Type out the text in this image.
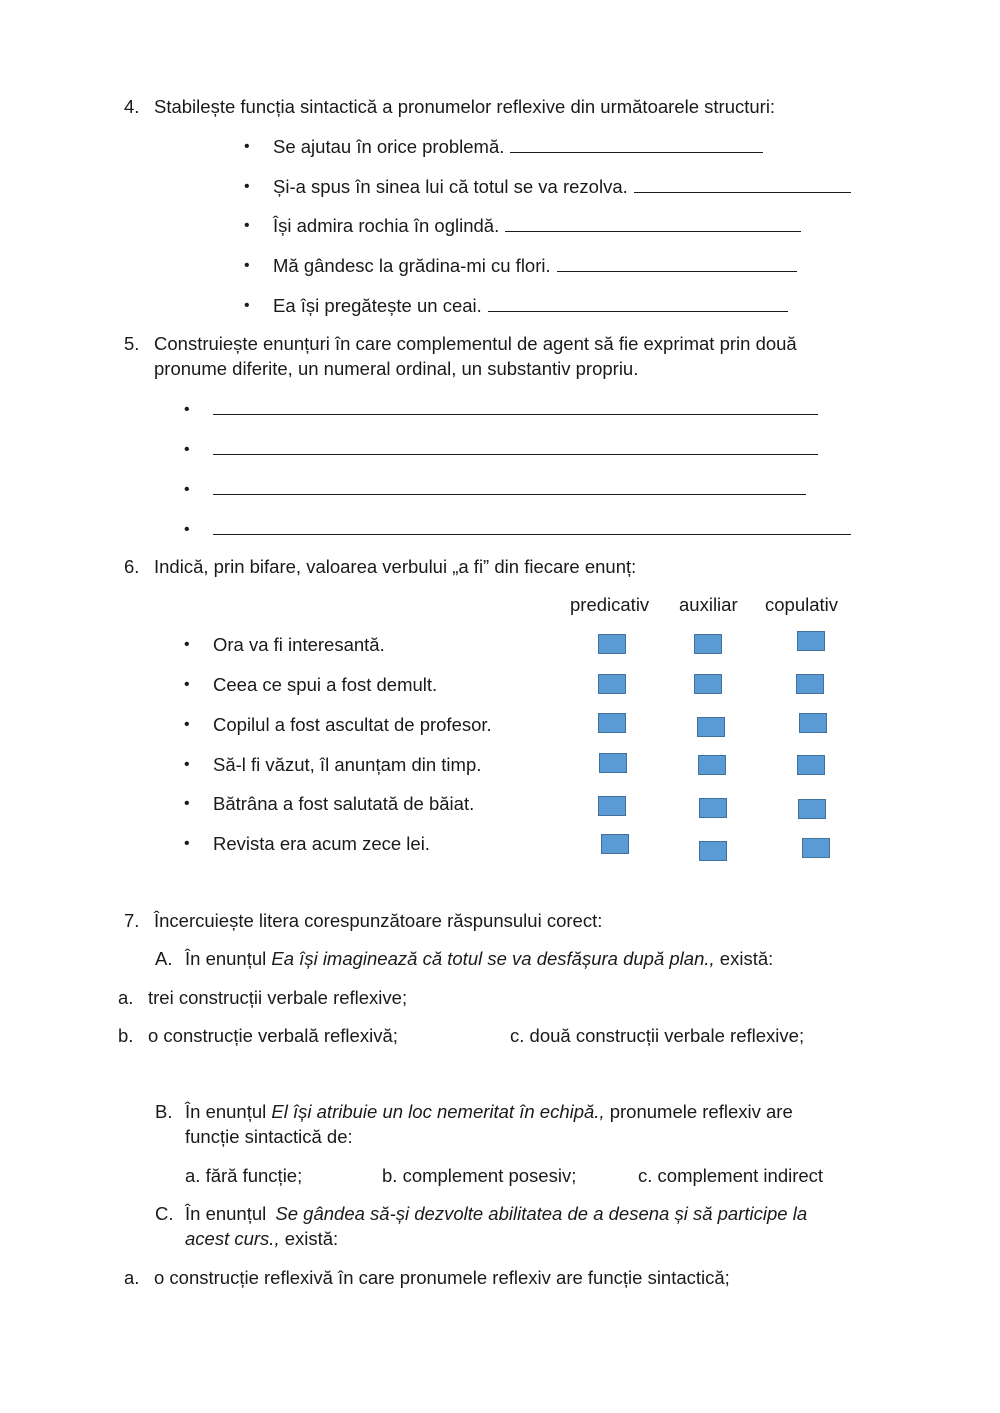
4. Stabilește funcția sintactică a pronumelor reflexive din următoarele structuri:
• Se ajutau în orice problemă.
• Și-a spus în sinea lui că totul se va rezolva.
• Își admira rochia în oglindă.
• Mă gândesc la grădina-mi cu flori.
• Ea își pregătește un ceai.
5. Construiește enunțuri în care complementul de agent să fie exprimat prin două
pronume diferite, un numeral ordinal, un substantiv propriu.
•
•
•
•
6. Indică, prin bifare, valoarea verbului „a fi” din fiecare enunț:
predicativ auxiliar copulativ
• Ora va fi interesantă.
• Ceea ce spui a fost demult.
• Copilul a fost ascultat de profesor.
• Să-l fi văzut, îl anunțam din timp.
• Bătrâna a fost salutată de băiat.
• Revista era acum zece lei.
7. Încercuiește litera corespunzătoare răspunsului corect:
A. În enunțul Ea își imaginează că totul se va desfășura după plan., există:
a. trei construcții verbale reflexive;
b. o construcție verbală reflexivă;	c. două construcții verbale reflexive;
B. În enunțul El își atribuie un loc nemeritat în echipă., pronumele reflexiv are
funcție sintactică de:
a. fără funcție;	b. complement posesiv;	c. complement indirect
C. În enunțul Se gândea să-și dezvolte abilitatea de a desena și să participe la
acest curs., există:
a. o construcție reflexivă în care pronumele reflexiv are funcție sintactică;
